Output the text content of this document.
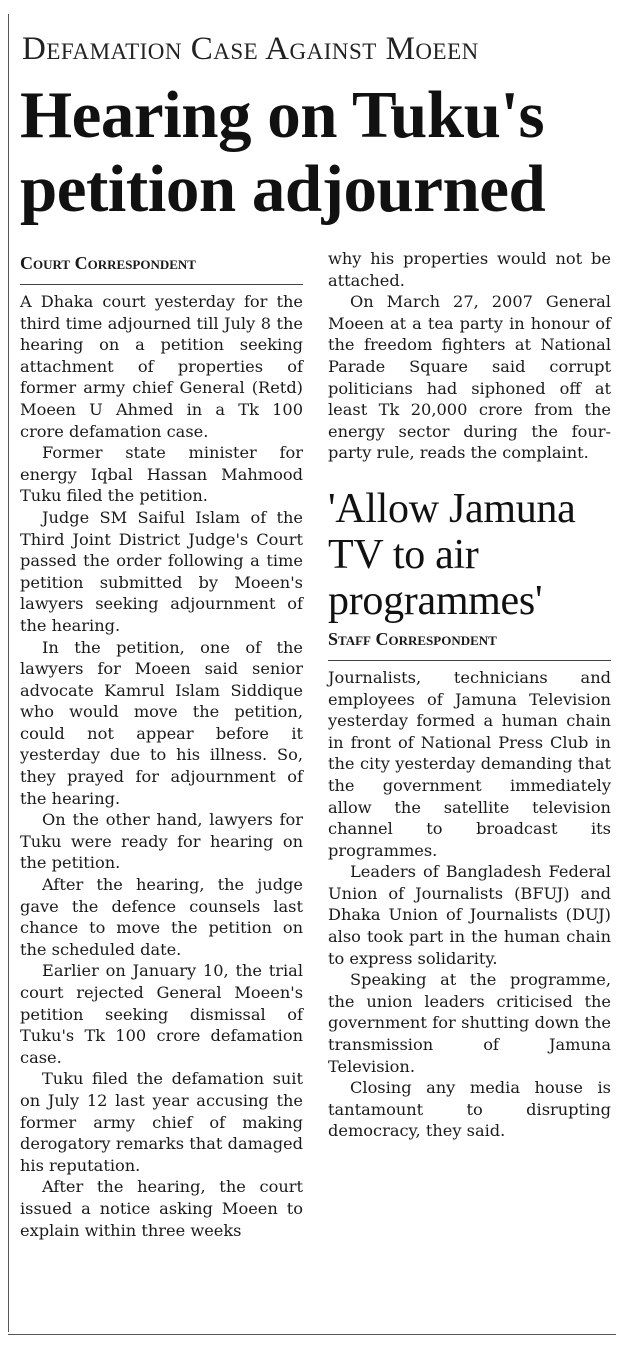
Defamation Case Against Moeen
Hearing on Tuku's
petition adjourned
Court Correspondent

A Dhaka court yesterday for the third time adjourned till July 8 the hearing on a petition seeking attachment of properties of former army chief General (Retd) Moeen U Ahmed in a Tk 100 crore defamation case.

Former state minister for energy Iqbal Hassan Mahmood Tuku filed the petition.

Judge SM Saiful Islam of the Third Joint District Judge's Court passed the order following a time petition submitted by Moeen's lawyers seeking adjournment of the hearing.

In the petition, one of the lawyers for Moeen said senior advocate Kamrul Islam Siddique who would move the petition, could not appear before it yesterday due to his illness. So, they prayed for adjournment of the hearing.

On the other hand, lawyers for Tuku were ready for hearing on the petition.

After the hearing, the judge gave the defence counsels last chance to move the petition on the scheduled date.

Earlier on January 10, the trial court rejected General Moeen's petition seeking dismissal of Tuku's Tk 100 crore defamation case.

Tuku filed the defamation suit on July 12 last year accusing the former army chief of making derogatory remarks that damaged his reputation.

After the hearing, the court issued a notice asking Moeen to explain within three weeks

why his properties would not be attached.

On March 27, 2007 General Moeen at a tea party in honour of the freedom fighters at National Parade Square said corrupt politicians had siphoned off at least Tk 20,000 crore from the energy sector during the four-party rule, reads the complaint.

'Allow Jamuna
TV to air
programmes'
Staff Correspondent

Journalists, technicians and employees of Jamuna Television yesterday formed a human chain in front of National Press Club in the city yesterday demanding that the government immediately allow the satellite television channel to broadcast its programmes.

Leaders of Bangladesh Federal Union of Journalists (BFUJ) and Dhaka Union of Journalists (DUJ) also took part in the human chain to express solidarity.

Speaking at the programme, the union leaders criticised the government for shutting down the transmission of Jamuna Television.

Closing any media house is tantamount to disrupting democracy, they said.
